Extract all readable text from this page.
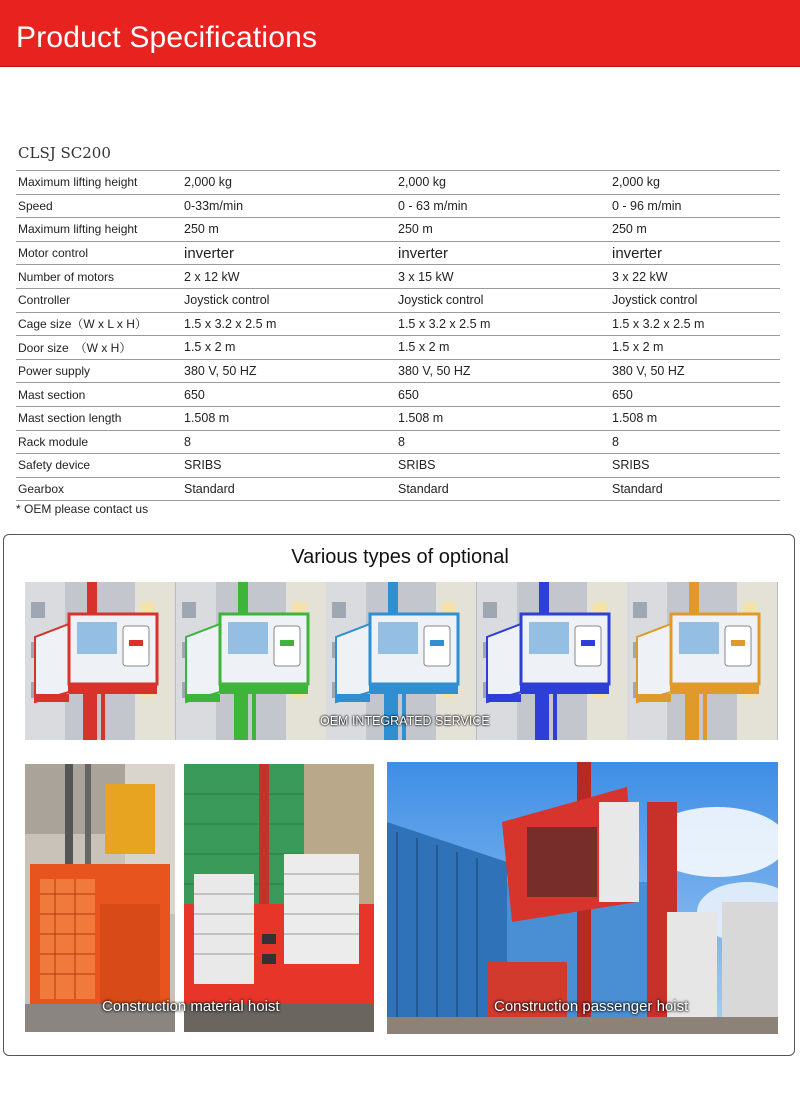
Product Specifications
CLSJ SC200
Maximum lifting height	2,000 kg	2,000 kg	2,000 kg
Speed	0-33m/min	0 - 63 m/min	0 - 96 m/min
Maximum lifting height	250 m	250 m	250 m
Motor control	inverter	inverter	inverter
Number of motors	2 x 12 kW	3 x 15 kW	3 x 22 kW
Controller	Joystick control	Joystick control	Joystick control
Cage size（W x L x H）	1.5 x 3.2 x 2.5 m	1.5 x 3.2 x 2.5 m	1.5 x 3.2 x 2.5 m
Door size　（W x H）	1.5 x 2 m	1.5 x 2 m	1.5 x 2 m
Power supply	380 V, 50 HZ	380 V, 50 HZ	380 V, 50 HZ
Mast section	650	650	650
Mast section length	1.508 m	1.508 m	1.508 m
Rack module	8	8	8
Safety device	SRIBS	SRIBS	SRIBS
Gearbox	Standard	Standard	Standard
* OEM please contact us
Various types of optional
OEM INTEGRATED SERVICE
Construction material hoist	Construction passenger hoist
